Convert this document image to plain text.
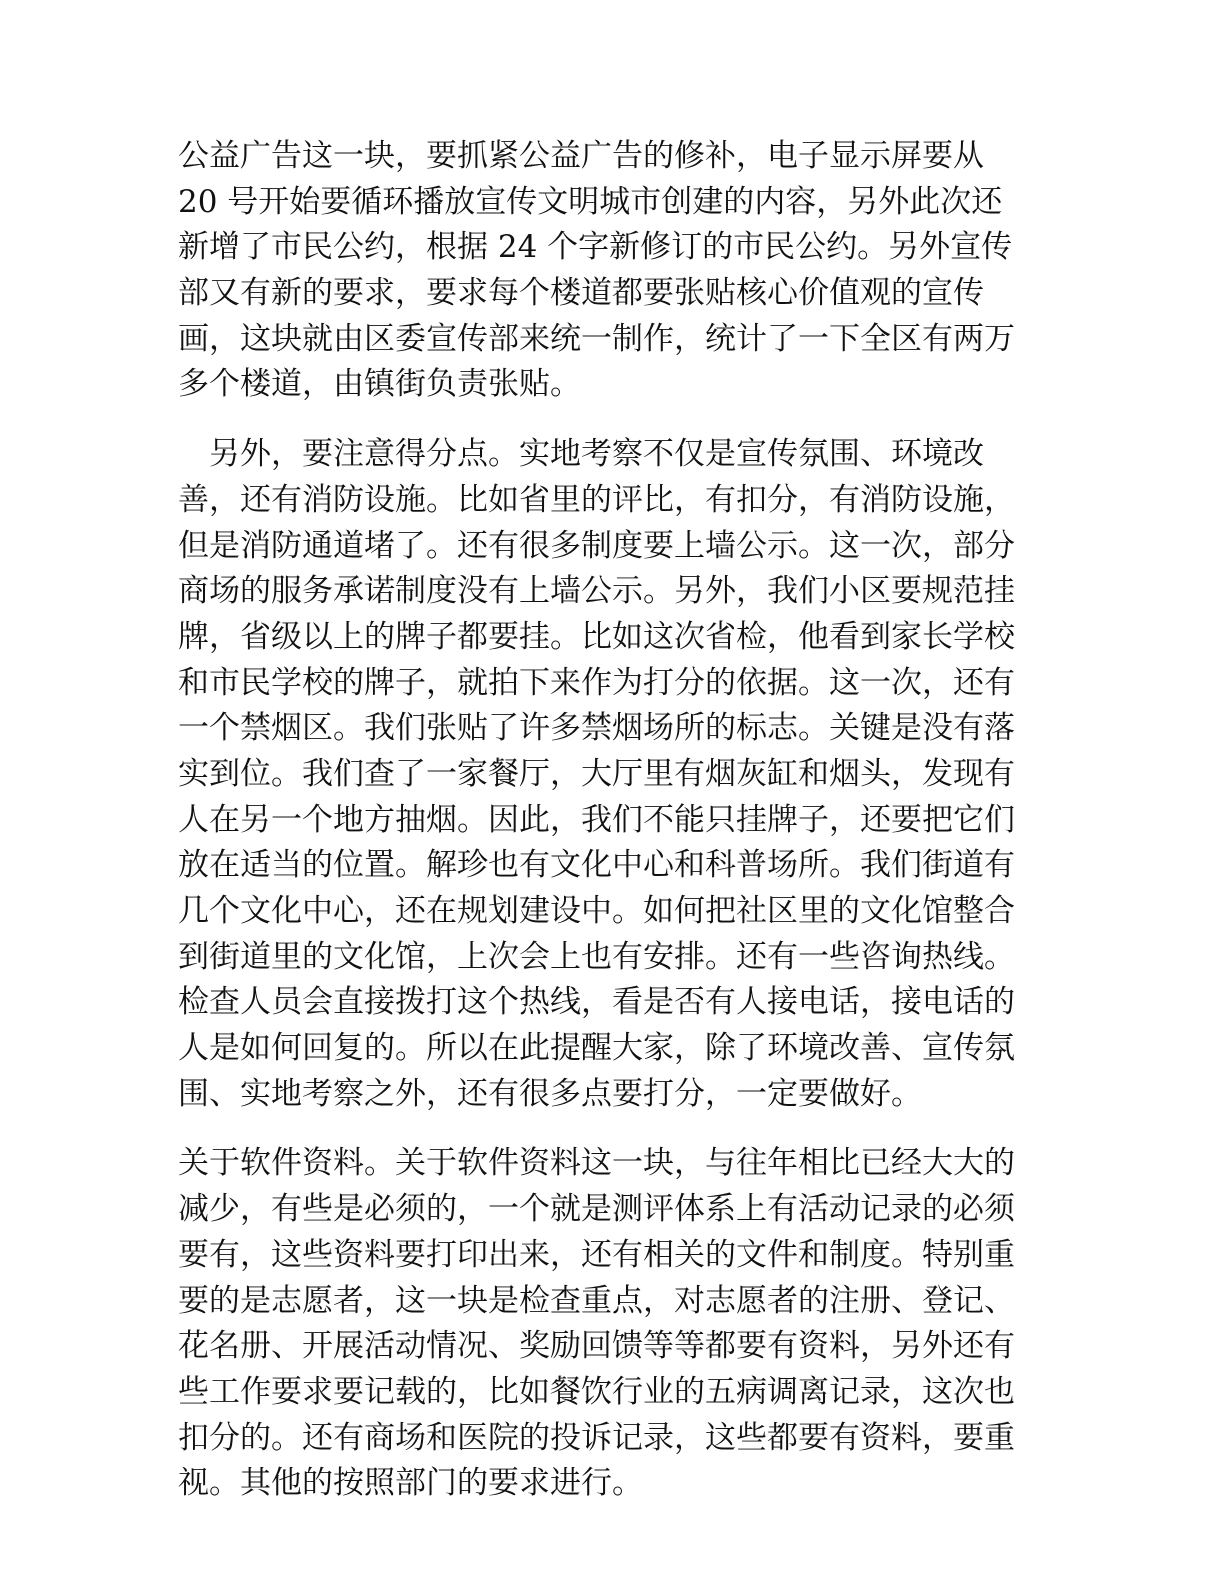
公益广告这一块，要抓紧公益广告的修补，电子显示屏要从
20 号开始要循环播放宣传文明城市创建的内容，另外此次还
新增了市民公约，根据 24 个字新修订的市民公约。另外宣传
部又有新的要求，要求每个楼道都要张贴核心价值观的宣传
画，这块就由区委宣传部来统一制作，统计了一下全区有两万
多个楼道，由镇街负责张贴。
　另外，要注意得分点。实地考察不仅是宣传氛围、环境改
善，还有消防设施。比如省里的评比，有扣分，有消防设施，
但是消防通道堵了。还有很多制度要上墙公示。这一次，部分
商场的服务承诺制度没有上墙公示。另外，我们小区要规范挂
牌，省级以上的牌子都要挂。比如这次省检，他看到家长学校
和市民学校的牌子，就拍下来作为打分的依据。这一次，还有
一个禁烟区。我们张贴了许多禁烟场所的标志。关键是没有落
实到位。我们查了一家餐厅，大厅里有烟灰缸和烟头，发现有
人在另一个地方抽烟。因此，我们不能只挂牌子，还要把它们
放在适当的位置。解珍也有文化中心和科普场所。我们街道有
几个文化中心，还在规划建设中。如何把社区里的文化馆整合
到街道里的文化馆，上次会上也有安排。还有一些咨询热线。
检查人员会直接拨打这个热线，看是否有人接电话，接电话的
人是如何回复的。所以在此提醒大家，除了环境改善、宣传氛
围、实地考察之外，还有很多点要打分，一定要做好。
关于软件资料。关于软件资料这一块，与往年相比已经大大的
减少，有些是必须的，一个就是测评体系上有活动记录的必须
要有，这些资料要打印出来，还有相关的文件和制度。特别重
要的是志愿者，这一块是检查重点，对志愿者的注册、登记、
花名册、开展活动情况、奖励回馈等等都要有资料，另外还有
些工作要求要记载的，比如餐饮行业的五病调离记录，这次也
扣分的。还有商场和医院的投诉记录，这些都要有资料，要重
视。其他的按照部门的要求进行。
